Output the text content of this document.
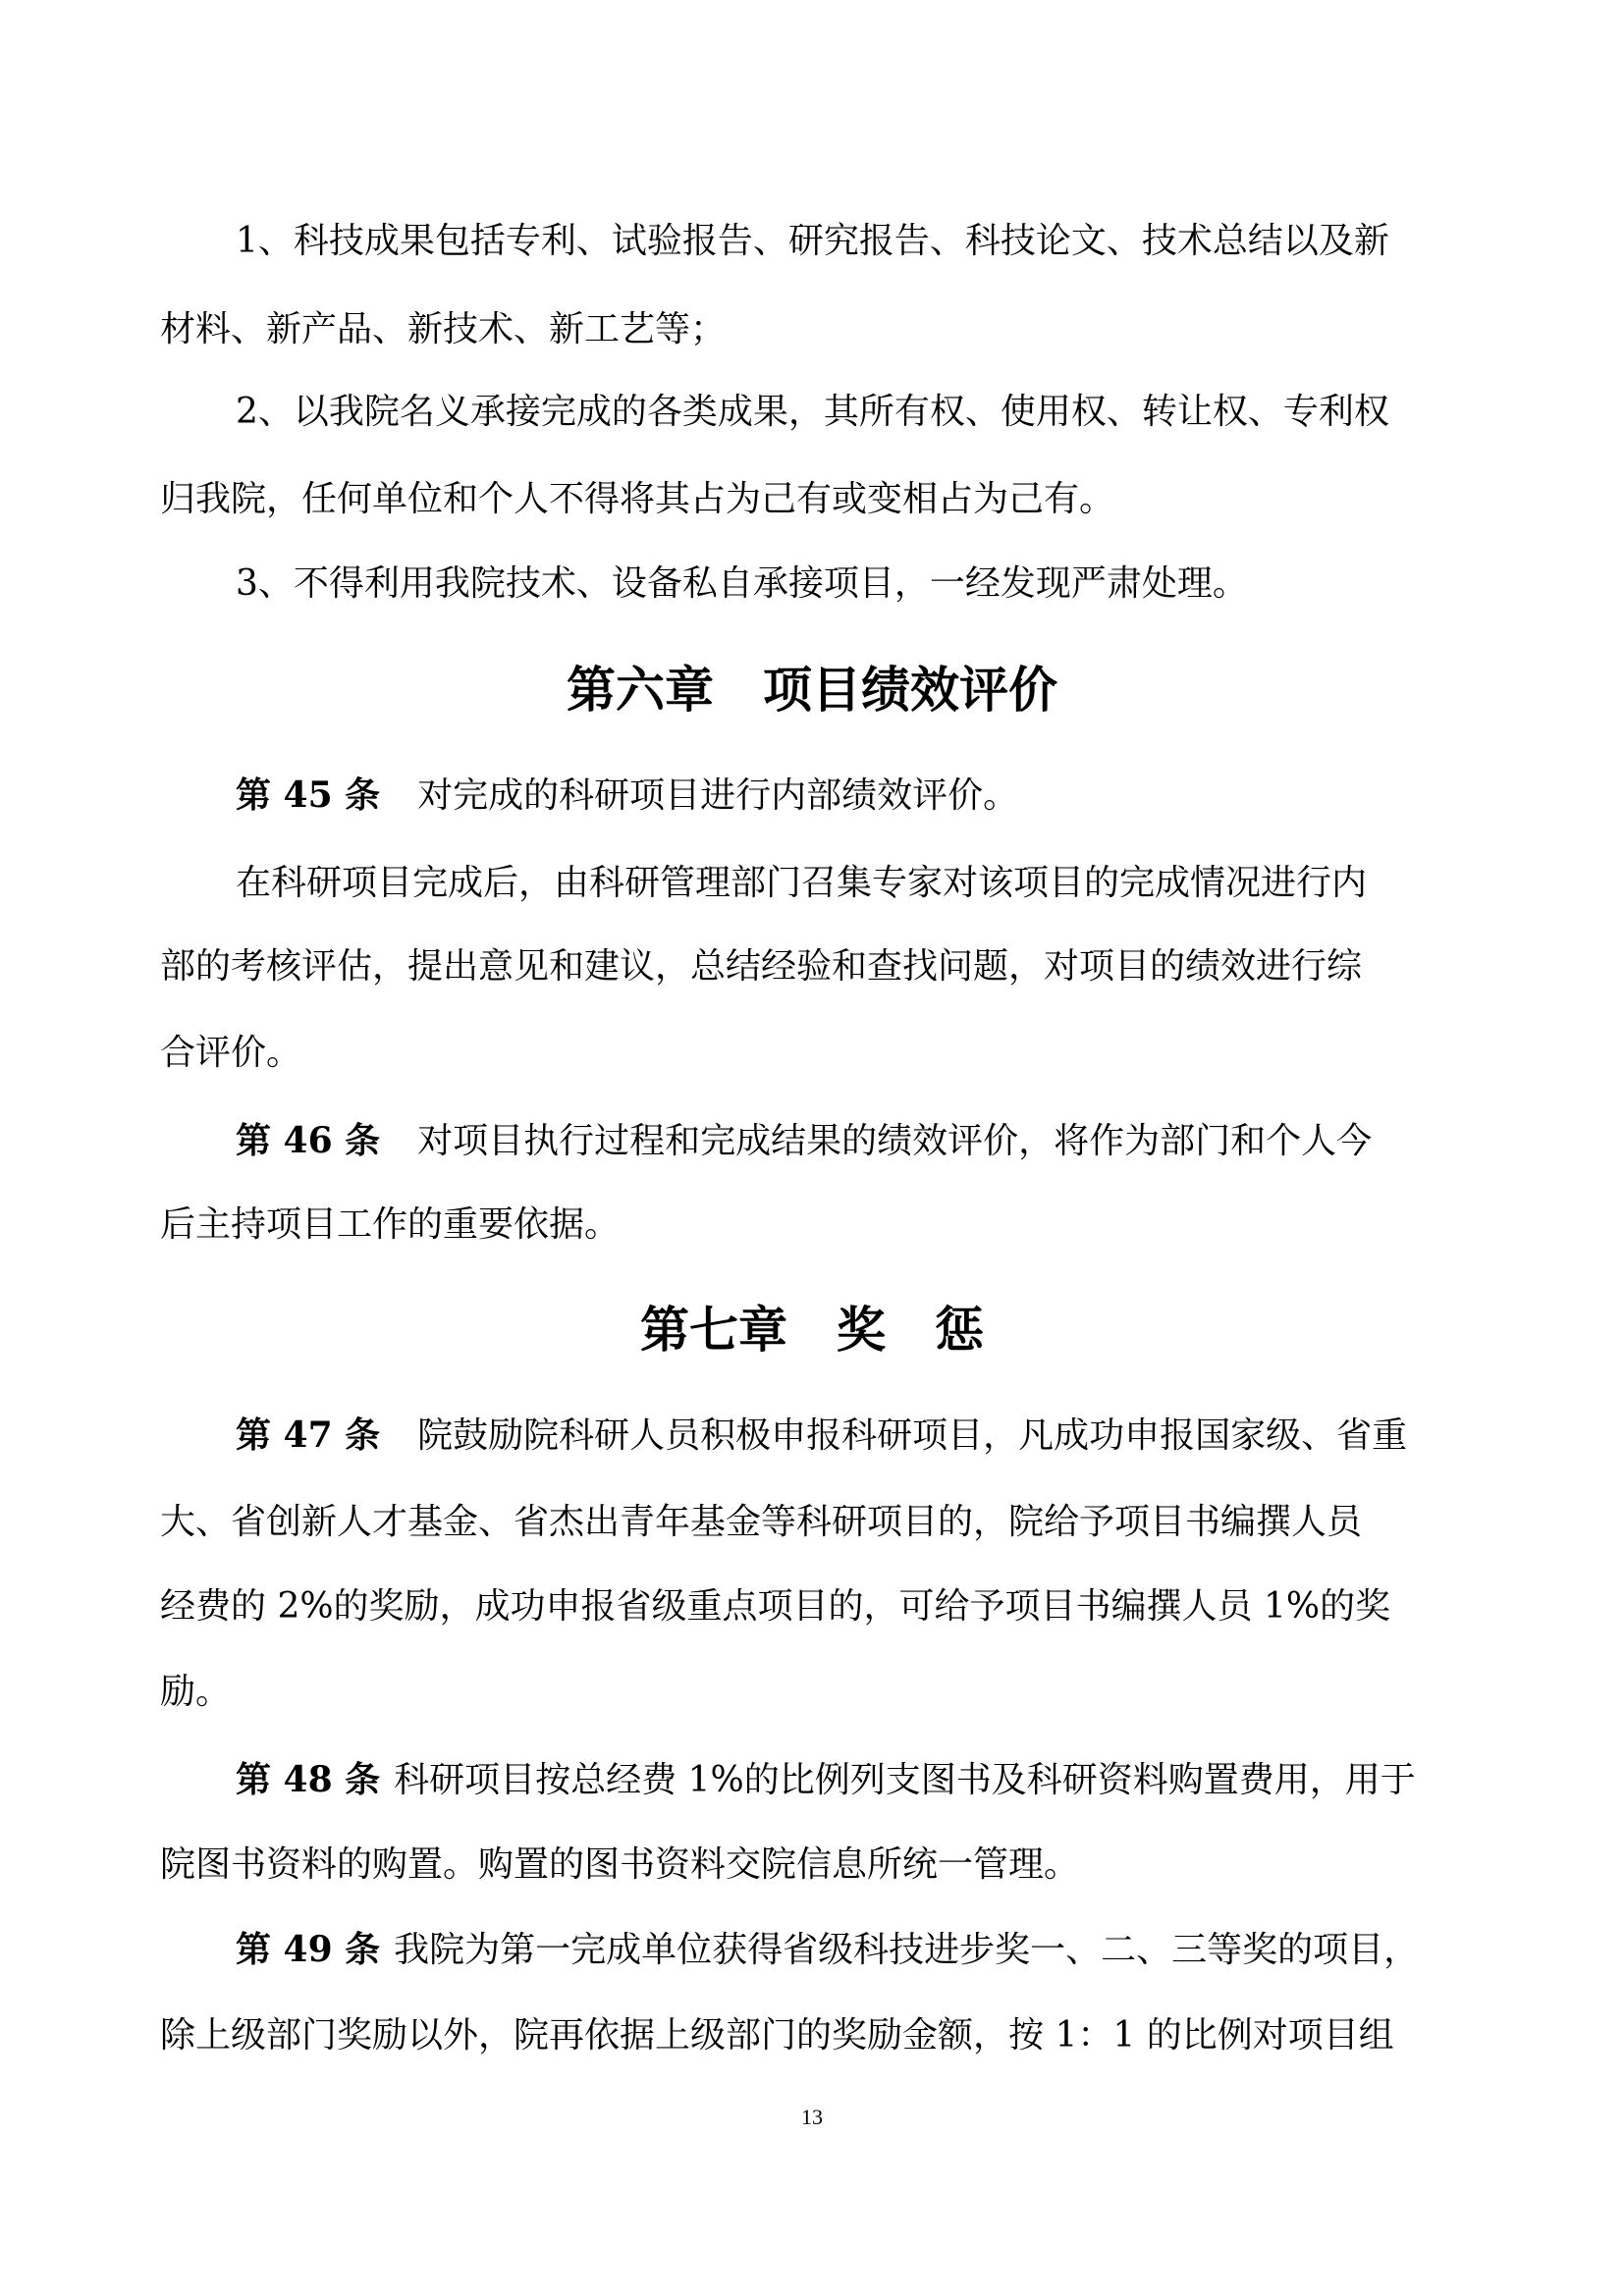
1、科技成果包括专利、试验报告、研究报告、科技论文、技术总结以及新
材料、新产品、新技术、新工艺等；
2、以我院名义承接完成的各类成果，其所有权、使用权、转让权、专利权
归我院，任何单位和个人不得将其占为己有或变相占为己有。
3、不得利用我院技术、设备私自承接项目，一经发现严肃处理。
第六章　项目绩效评价
第 45 条 对完成的科研项目进行内部绩效评价。
在科研项目完成后，由科研管理部门召集专家对该项目的完成情况进行内
部的考核评估，提出意见和建议，总结经验和查找问题，对项目的绩效进行综
合评价。
第 46 条 对项目执行过程和完成结果的绩效评价，将作为部门和个人今
后主持项目工作的重要依据。
第七章　奖　惩
第 47 条 院鼓励院科研人员积极申报科研项目，凡成功申报国家级、省重
大、省创新人才基金、省杰出青年基金等科研项目的，院给予项目书编撰人员
经费的 2%的奖励，成功申报省级重点项目的，可给予项目书编撰人员 1%的奖
励。
第 48 条 科研项目按总经费 1%的比例列支图书及科研资料购置费用，用于
院图书资料的购置。购置的图书资料交院信息所统一管理。
第 49 条 我院为第一完成单位获得省级科技进步奖一、二、三等奖的项目，
除上级部门奖励以外，院再依据上级部门的奖励金额，按 1：1 的比例对项目组
13
